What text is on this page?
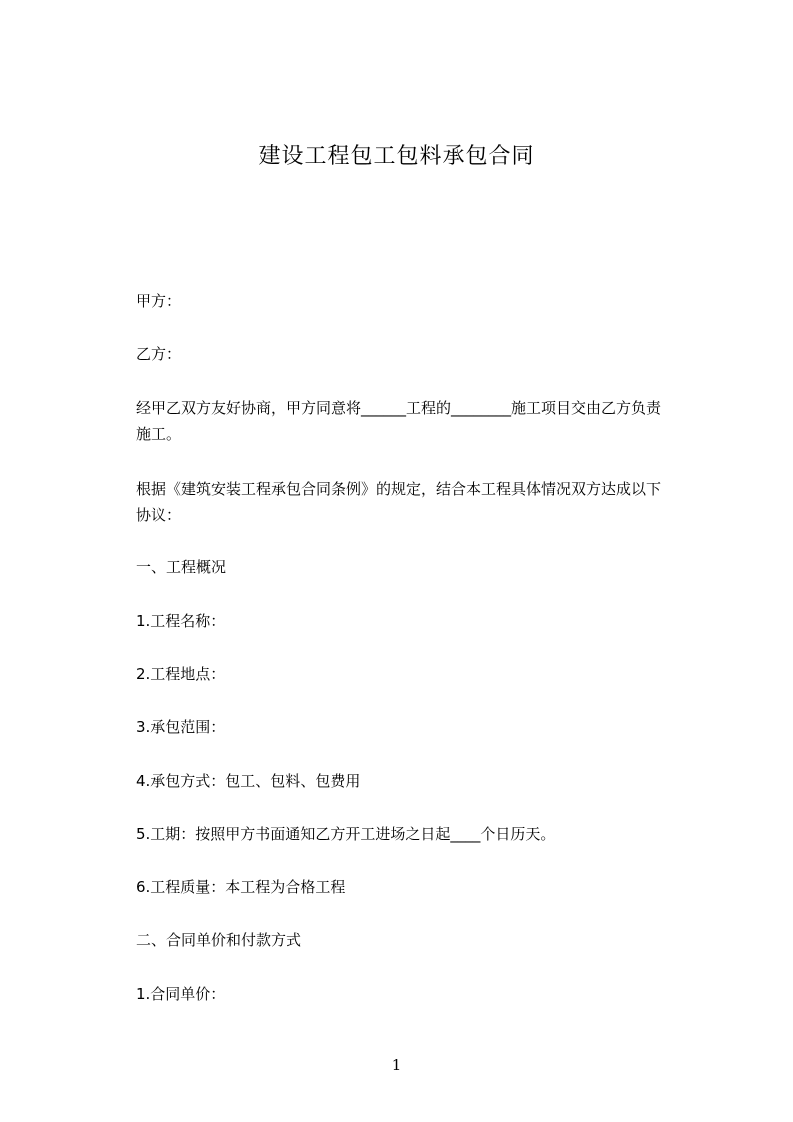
建设工程包工包料承包合同
甲方：
乙方：
经甲乙双方友好协商，甲方同意将______工程的________施工项目交由乙方负责
施工。
根据《建筑安装工程承包合同条例》的规定，结合本工程具体情况双方达成以下
协议：
一、工程概况
1.工程名称：
2.工程地点：
3.承包范围：
4.承包方式：包工、包料、包费用
5.工期：按照甲方书面通知乙方开工进场之日起____个日历天。
6.工程质量：本工程为合格工程
二、合同单价和付款方式
1.合同单价：
1
